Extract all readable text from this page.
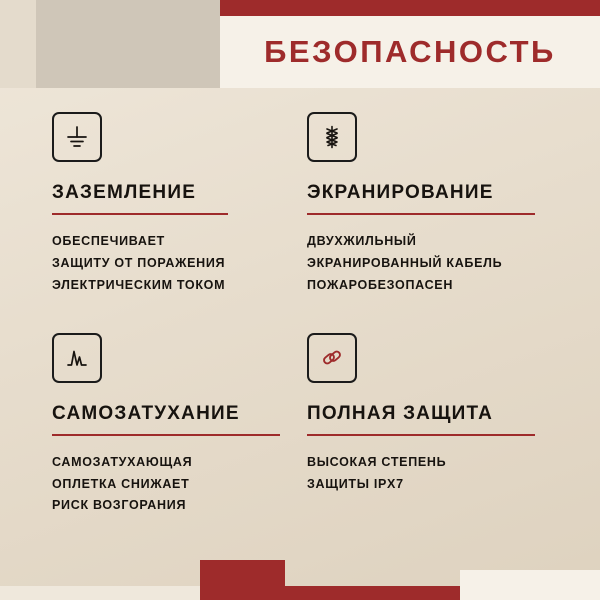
БЕЗОПАСНОСТЬ
ЗАЗЕМЛЕНИЕ
ОБЕСПЕЧИВАЕТ
ЗАЩИТУ ОТ ПОРАЖЕНИЯ
ЭЛЕКТРИЧЕСКИМ ТОКОМ
ЭКРАНИРОВАНИЕ
ДВУХЖИЛЬНЫЙ
ЭКРАНИРОВАННЫЙ КАБЕЛЬ
ПОЖАРОБЕЗОПАСЕН
САМОЗАТУХАНИЕ
САМОЗАТУХАЮЩАЯ
ОПЛЕТКА СНИЖАЕТ
РИСК ВОЗГОРАНИЯ
ПОЛНАЯ ЗАЩИТА
ВЫСОКАЯ СТЕПЕНЬ
ЗАЩИТЫ IPX7
